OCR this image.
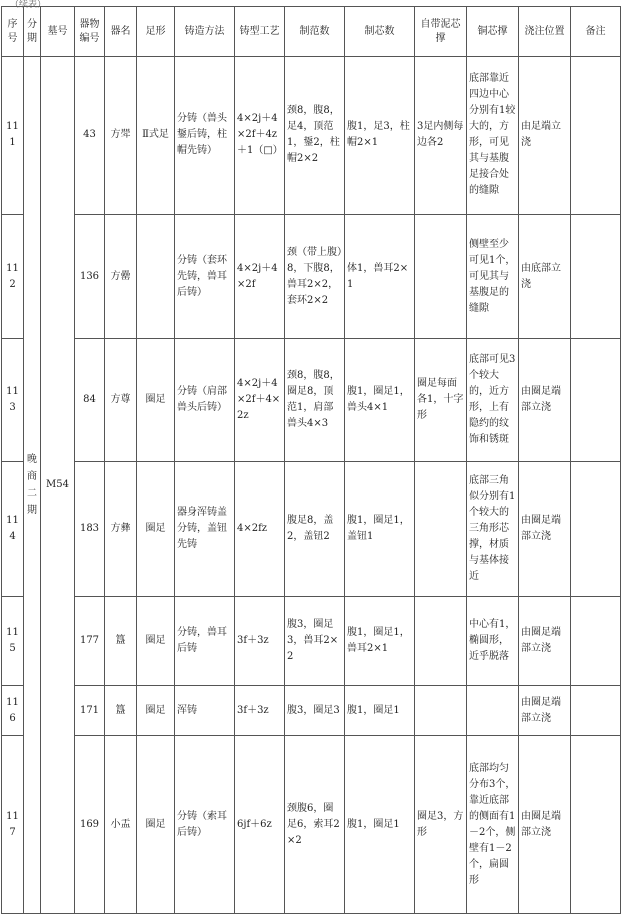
（续表）
序号	分期	墓号	器物编号	器名	足形	铸造方法	铸型工艺	制范数	制芯数	自带泥芯撑	铜芯撑	浇注位置	备注
111	晚商二期	M54	43	方斝	Ⅱ式足	分铸（兽头鋬后铸，柱帽先铸）	4×2j＋4×2f＋4z＋1（□）	颈8，腹8，足4，顶范1，鋬2，柱帽2×2	腹1，足3，柱帽2×1	3足内侧每边各2	底部靠近四边中心分别有1较大的，方形，可见其与基腹足接合处的缝隙	由足端立浇	
112			136	方罍		分铸（套环先铸，兽耳后铸）	4×2j＋4×2f	颈（带上腹）8，下腹8，兽耳2×2，套环2×2	体1，兽耳2×1		侧壁至少可见1个，可见其与基腹足的缝隙	由底部立浇	
113			84	方尊	圈足	分铸（肩部兽头后铸）	4×2j＋4×2f＋4×2z	颈8，腹8，圈足8，顶范1，肩部兽头4×3	腹1，圈足1，兽头4×1	圈足每面各1，十字形	底部可见3个较大的，近方形，上有隐约的纹饰和锈斑	由圈足端部立浇	
114			183	方彝	圈足	器身浑铸盖分铸，盖钮先铸	4×2fz	腹足8，盖2，盖钮2	腹1，圈足1，盖钮1		底部三角似分别有1个较大的三角形芯撑，材质与基体接近	由圈足端部立浇	
115			177	簋	圈足	分铸，兽耳后铸	3f＋3z	腹3，圈足3，兽耳2×2	腹1，圈足1，兽耳2×1		中心有1，椭圆形，近乎脱落	由圈足端部立浇	
116			171	簋	圈足	浑铸	3f＋3z	腹3，圈足3	腹1，圈足1			由圈足端部立浇	
117			169	小盂	圈足	分铸（索耳后铸）	6jf＋6z	颈腹6，圈足6，索耳2×2	腹1，圈足1	圈足3，方形	底部均匀分布3个，靠近底部的侧面有1－2个，侧壁有1－2个，扁圆形	由圈足端部立浇	
